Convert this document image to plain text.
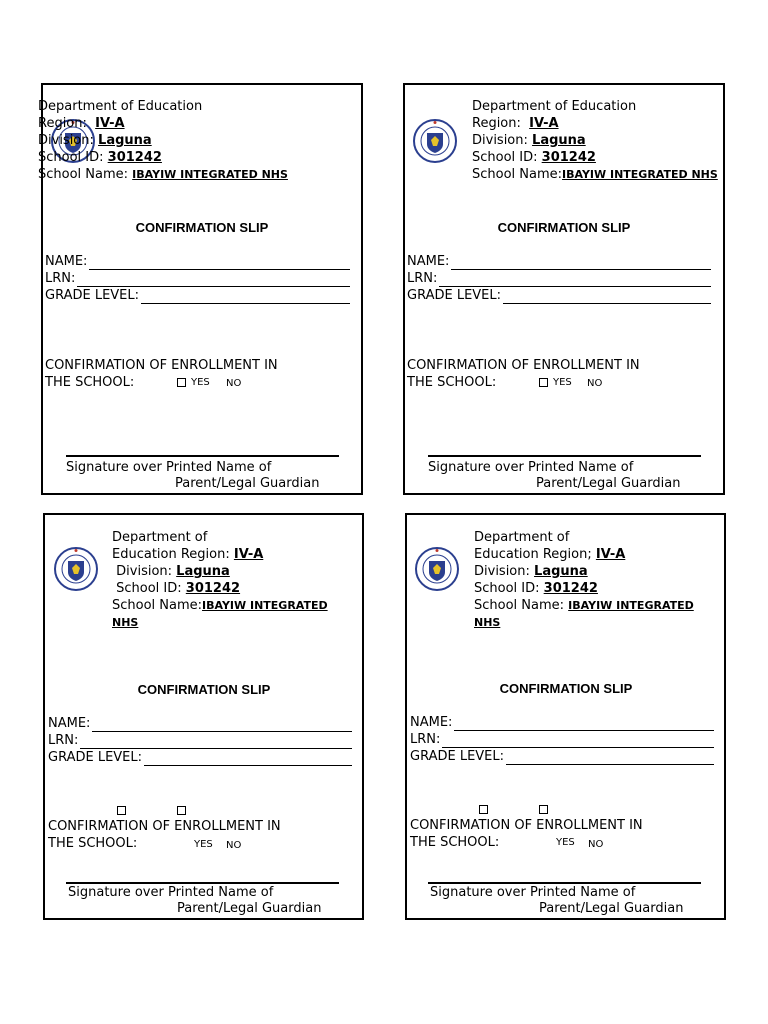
Department of Education
Region: IV-A
Division: Laguna
School ID: 301242
School Name: IBAYIW INTEGRATED NHS
CONFIRMATION SLIP
NAME:
LRN:
GRADE LEVEL:
CONFIRMATION OF ENROLLMENT IN
THE SCHOOL:	YES NO
Signature over Printed Name of
Parent/Legal Guardian
Department of Education
Region: IV-A
Division: Laguna
School ID: 301242
School Name:IBAYIW INTEGRATED NHS
CONFIRMATION SLIP
NAME:
LRN:
GRADE LEVEL:
CONFIRMATION OF ENROLLMENT IN
THE SCHOOL:	YES NO
Signature over Printed Name of
Parent/Legal Guardian
Department of Education Region: IV-A
Division: Laguna
School ID: 301242
School Name:IBAYIW INTEGRATED NHS
CONFIRMATION SLIP
NAME:
LRN:
GRADE LEVEL:
CONFIRMATION OF ENROLLMENT IN
THE SCHOOL:	YES NO
Signature over Printed Name of
Parent/Legal Guardian
Department of Education Region; IV-A
Division: Laguna
School ID: 301242
School Name: IBAYIW INTEGRATED NHS
CONFIRMATION SLIP
NAME:
LRN:
GRADE LEVEL:
CONFIRMATION OF ENROLLMENT IN
THE SCHOOL:	YES NO
Signature over Printed Name of
Parent/Legal Guardian
